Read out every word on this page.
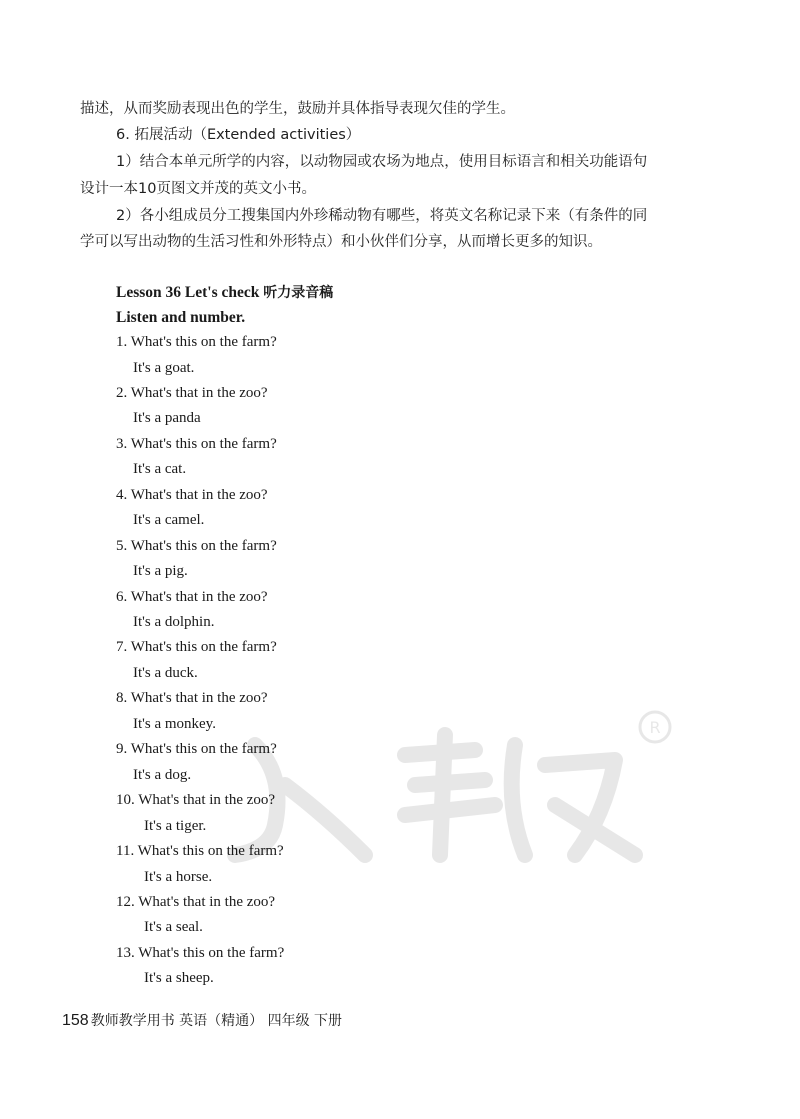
描述，从而奖励表现出色的学生，鼓励并具体指导表现欠佳的学生。
6. 拓展活动（Extended activities）
1）结合本单元所学的内容，以动物园或农场为地点，使用目标语言和相关功能语句
设计一本10页图文并茂的英文小书。
2）各小组成员分工搜集国内外珍稀动物有哪些，将英文名称记录下来（有条件的同
学可以写出动物的生活习性和外形特点）和小伙伴们分享，从而增长更多的知识。
Lesson 36 Let's check 听力录音稿
Listen and number.
1. What's this on the farm?
It's a goat.
2. What's that in the zoo?
It's a panda
3. What's this on the farm?
It's a cat.
4. What's that in the zoo?
It's a camel.
5. What's this on the farm?
It's a pig.
6. What's that in the zoo?
It's a dolphin.
7. What's this on the farm?
It's a duck.
8. What's that in the zoo?
It's a monkey.
9. What's this on the farm?
It's a dog.
10. What's that in the zoo?
It's a tiger.
11. What's this on the farm?
It's a horse.
12. What's that in the zoo?
It's a seal.
13. What's this on the farm?
It's a sheep.
R
158 教师教学用书 英语（精通） 四年级 下册
